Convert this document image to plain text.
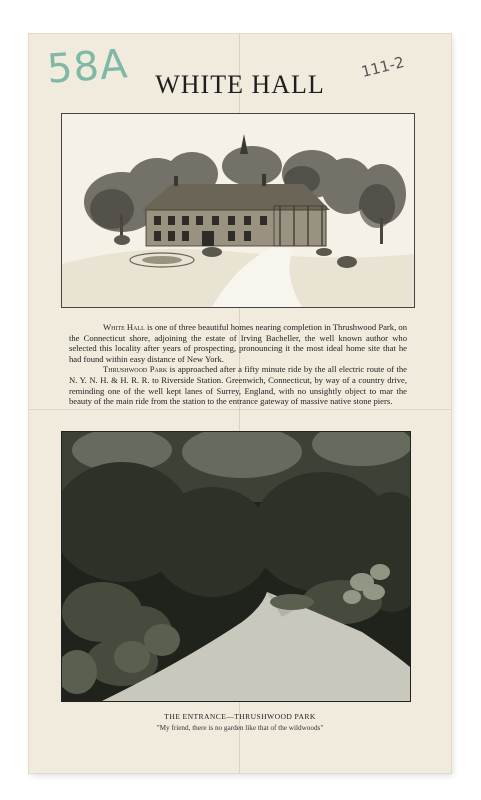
58A	111-2
WHITE HALL

White Hall is one of three beautiful homes nearing completion in Thrushwood Park, on the Connecticut shore, adjoining the estate of Irving Bacheller, the well known author who selected this locality after years of prospecting, pronouncing it the most ideal home site that he had found within easy distance of New York.

Thrushwood Park is approached after a fifty minute ride by the all electric route of the N. Y. N. H. & H. R. R. to Riverside Station. Greenwich, Connecticut, by way of a country drive, reminding one of the well kept lanes of Surrey, England, with no unsightly object to mar the beauty of the main ride from the station to the entrance gateway of massive native stone piers.

THE ENTRANCE—THRUSHWOOD PARK
"My friend, there is no garden like that of the wildwoods"
